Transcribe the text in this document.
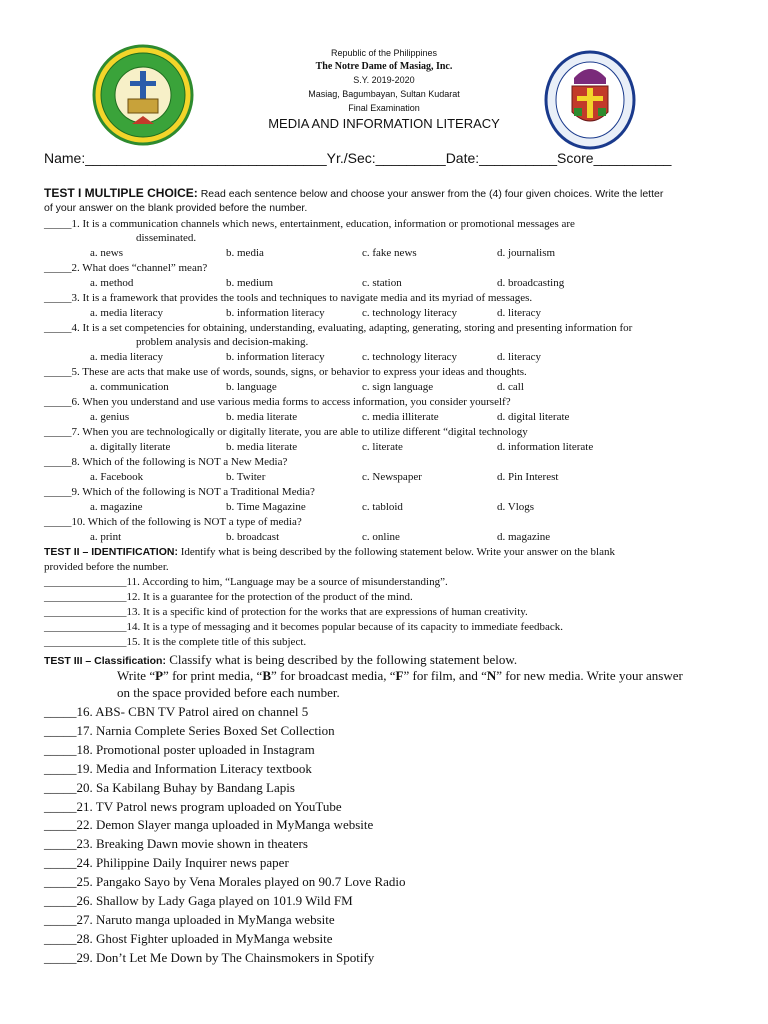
Republic of the Philippines
The Notre Dame of Masiag, Inc.
S.Y. 2019-2020
Masiag, Bagumbayan, Sultan Kudarat
Final Examination
MEDIA AND INFORMATION LITERACY
Name:_______________________________Yr./Sec:_________Date:__________Score__________
TEST I MULTIPLE CHOICE: Read each sentence below and choose your answer from the (4) four given choices. Write the letter
of your answer on the blank provided before the number.
_____1. It is a communication channels which news, entertainment, education, information or promotional messages are
disseminated.
a. news	b. media	c. fake news	d. journalism
_____2. What does “channel” mean?
a. method	b. medium	c. station	d. broadcasting
_____3. It is a framework that provides the tools and techniques to navigate media and its myriad of messages.
a. media literacy	b. information literacy	c. technology literacy	d. literacy
_____4. It is a set competencies for obtaining, understanding, evaluating, adapting, generating, storing and presenting information for
problem analysis and decision-making.
a. media literacy	b. information literacy	c. technology literacy	d. literacy
_____5. These are acts that make use of words, sounds, signs, or behavior to express your ideas and thoughts.
a. communication	b. language	c. sign language	d. call
_____6. When you understand and use various media forms to access information, you consider yourself?
a. genius	b. media literate	c. media illiterate	d. digital literate
_____7. When you are technologically or digitally literate, you are able to utilize different “digital technology
a. digitally literate	b. media literate	c. literate	d. information literate
_____8. Which of the following is NOT a New Media?
a. Facebook	b. Twiter	c. Newspaper	d. Pin Interest
_____9. Which of the following is NOT a Traditional Media?
a. magazine	b. Time Magazine	c. tabloid	d. Vlogs
_____10. Which of the following is NOT a type of media?
a. print	b. broadcast	c. online	d. magazine
TEST II – IDENTIFICATION: Identify what is being described by the following statement below. Write your answer on the blank
provided before the number.
_______________11. According to him, “Language may be a source of misunderstanding”.
_______________12. It is a guarantee for the protection of the product of the mind.
_______________13. It is a specific kind of protection for the works that are expressions of human creativity.
_______________14. It is a type of messaging and it becomes popular because of its capacity to immediate feedback.
_______________15. It is the complete title of this subject.
TEST III – Classification: Classify what is being described by the following statement below.
Write “P” for print media, “B” for broadcast media, “F” for film, and “N” for new media. Write your answer
on the space provided before each number.
_____16. ABS- CBN TV Patrol aired on channel 5
_____17. Narnia Complete Series Boxed Set Collection
_____18. Promotional poster uploaded in Instagram
_____19. Media and Information Literacy textbook
_____20. Sa Kabilang Buhay by Bandang Lapis
_____21. TV Patrol news program uploaded on YouTube
_____22. Demon Slayer manga uploaded in MyManga website
_____23. Breaking Dawn movie shown in theaters
_____24. Philippine Daily Inquirer news paper
_____25. Pangako Sayo by Vena Morales played on 90.7 Love Radio
_____26. Shallow by Lady Gaga played on 101.9 Wild FM
_____27. Naruto manga uploaded in MyManga website
_____28. Ghost Fighter uploaded in MyManga website
_____29. Don’t Let Me Down by The Chainsmokers in Spotify
